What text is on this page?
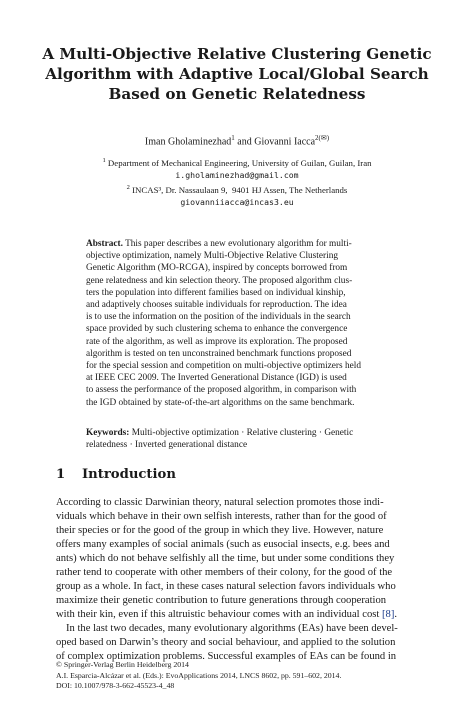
A Multi-Objective Relative Clustering Genetic
Algorithm with Adaptive Local/Global Search
Based on Genetic Relatedness
Iman Gholaminezhad$^1$ and Giovanni Iacca$^{2(✉)}$
$^1$ Department of Mechanical Engineering, University of Guilan, Guilan, Iran
i.gholaminezhad@gmail.com
$^2$ INCAS³, Dr. Nassaulaan 9,  9401 HJ Assen, The Netherlands
giovanniiacca@incas3.eu
Abstract. This paper describes a new evolutionary algorithm for multi-
objective optimization, namely Multi-Objective Relative Clustering
Genetic Algorithm (MO-RCGA), inspired by concepts borrowed from
gene relatedness and kin selection theory. The proposed algorithm clus-
ters the population into different families based on individual kinship,
and adaptively chooses suitable individuals for reproduction. The idea
is to use the information on the position of the individuals in the search
space provided by such clustering schema to enhance the convergence
rate of the algorithm, as well as improve its exploration. The proposed
algorithm is tested on ten unconstrained benchmark functions proposed
for the special session and competition on multi-objective optimizers held
at IEEE CEC 2009. The Inverted Generational Distance (IGD) is used
to assess the performance of the proposed algorithm, in comparison with
the IGD obtained by state-of-the-art algorithms on the same benchmark.
Keywords: Multi-objective optimization · Relative clustering · Genetic
relatedness · Inverted generational distance
1 Introduction
According to classic Darwinian theory, natural selection promotes those indi-
viduals which behave in their own selfish interests, rather than for the good of
their species or for the good of the group in which they live. However, nature
offers many examples of social animals (such as eusocial insects, e.g. bees and
ants) which do not behave selfishly all the time, but under some conditions they
rather tend to cooperate with other members of their colony, for the good of the
group as a whole. In fact, in these cases natural selection favors individuals who
maximize their genetic contribution to future generations through cooperation
with their kin, even if this altruistic behaviour comes with an individual cost [8].
In the last two decades, many evolutionary algorithms (EAs) have been devel-
oped based on Darwin’s theory and social behaviour, and applied to the solution
of complex optimization problems. Successful examples of EAs can be found in
© Springer-Verlag Berlin Heidelberg 2014
A.I. Esparcia-Alcázar et al. (Eds.): EvoApplications 2014, LNCS 8602, pp. 591–602, 2014.
DOI: 10.1007/978-3-662-45523-4_48
